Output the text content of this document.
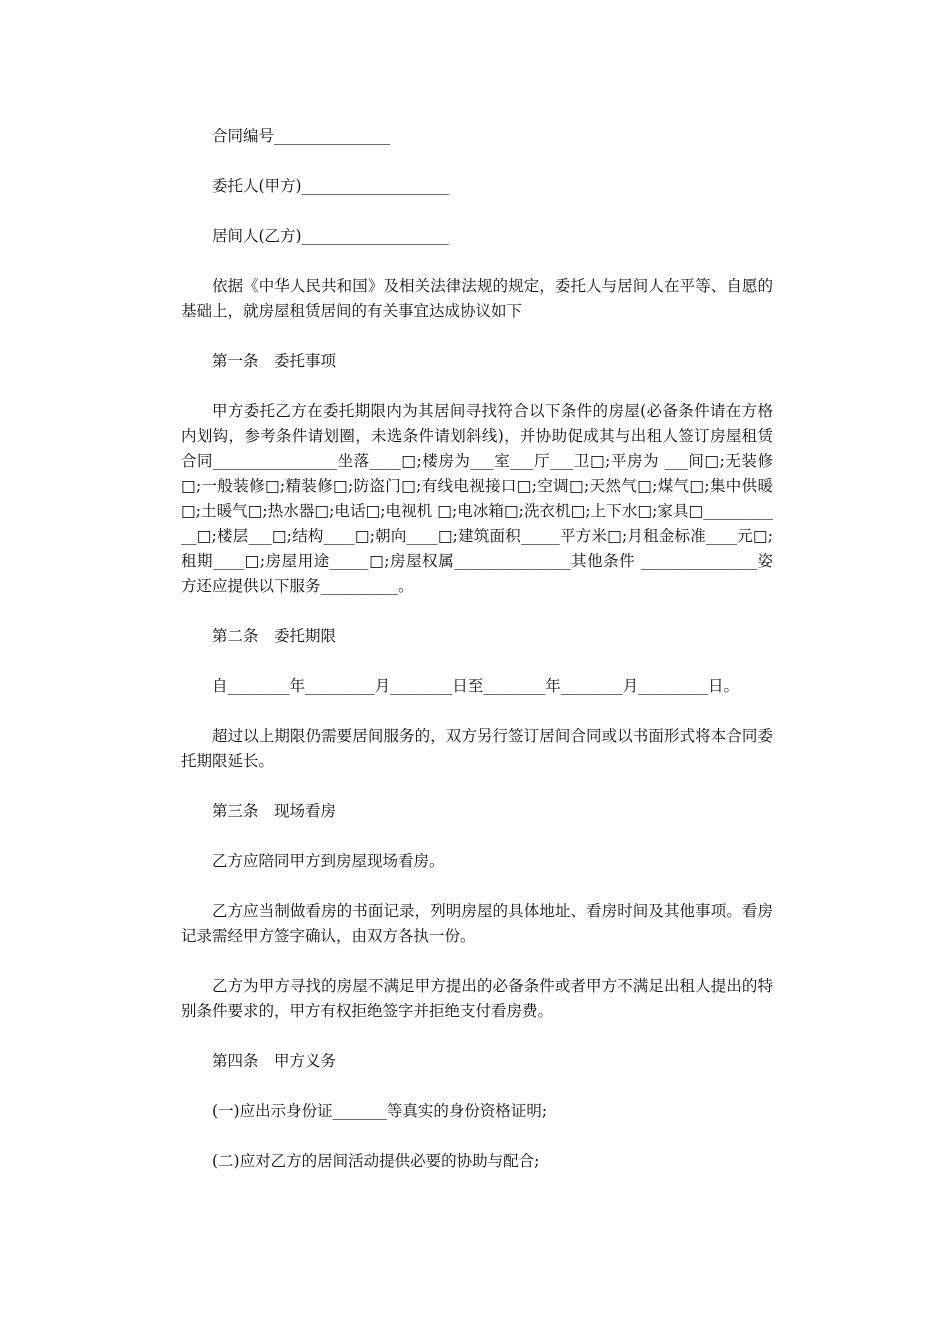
合同编号_______________

委托人(甲方)___________________

居间人(乙方)___________________

依据《中华人民共和国》及相关法律法规的规定，委托人与居间人在平等、自愿的基础上，就房屋租赁居间的有关事宜达成协议如下

第一条　委托事项

甲方委托乙方在委托期限内为其居间寻找符合以下条件的房屋(必备条件请在方格内划钩，参考条件请划圈，未选条件请划斜线)，并协助促成其与出租人签订房屋租赁合同________________坐落____□;楼房为___室___厅___卫□;平房为 ___间□;无装修□;一般装修□;精装修□;防盗门□;有线电视接口□;空调□;天然气□;煤气□;集中供暖□;土暖气□;热水器□;电话□;电视机 □;电冰箱□;洗衣机□;上下水□;家具□___________□;楼层___□;结构____□;朝向____□;建筑面积_____平方米□;月租金标准____元□;租期____□;房屋用途_____□;房屋权属_______________其他条件 _______________姿方还应提供以下服务__________。

第二条　委托期限

自________年_________月________日至________年________月_________日。

超过以上期限仍需要居间服务的，双方另行签订居间合同或以书面形式将本合同委托期限延长。

第三条　现场看房

乙方应陪同甲方到房屋现场看房。

乙方应当制做看房的书面记录，列明房屋的具体地址、看房时间及其他事项。看房记录需经甲方签字确认，由双方各执一份。

乙方为甲方寻找的房屋不满足甲方提出的必备条件或者甲方不满足出租人提出的特别条件要求的，甲方有权拒绝签字并拒绝支付看房费。

第四条　甲方义务

(一)应出示身份证_______等真实的身份资格证明;

(二)应对乙方的居间活动提供必要的协助与配合;
